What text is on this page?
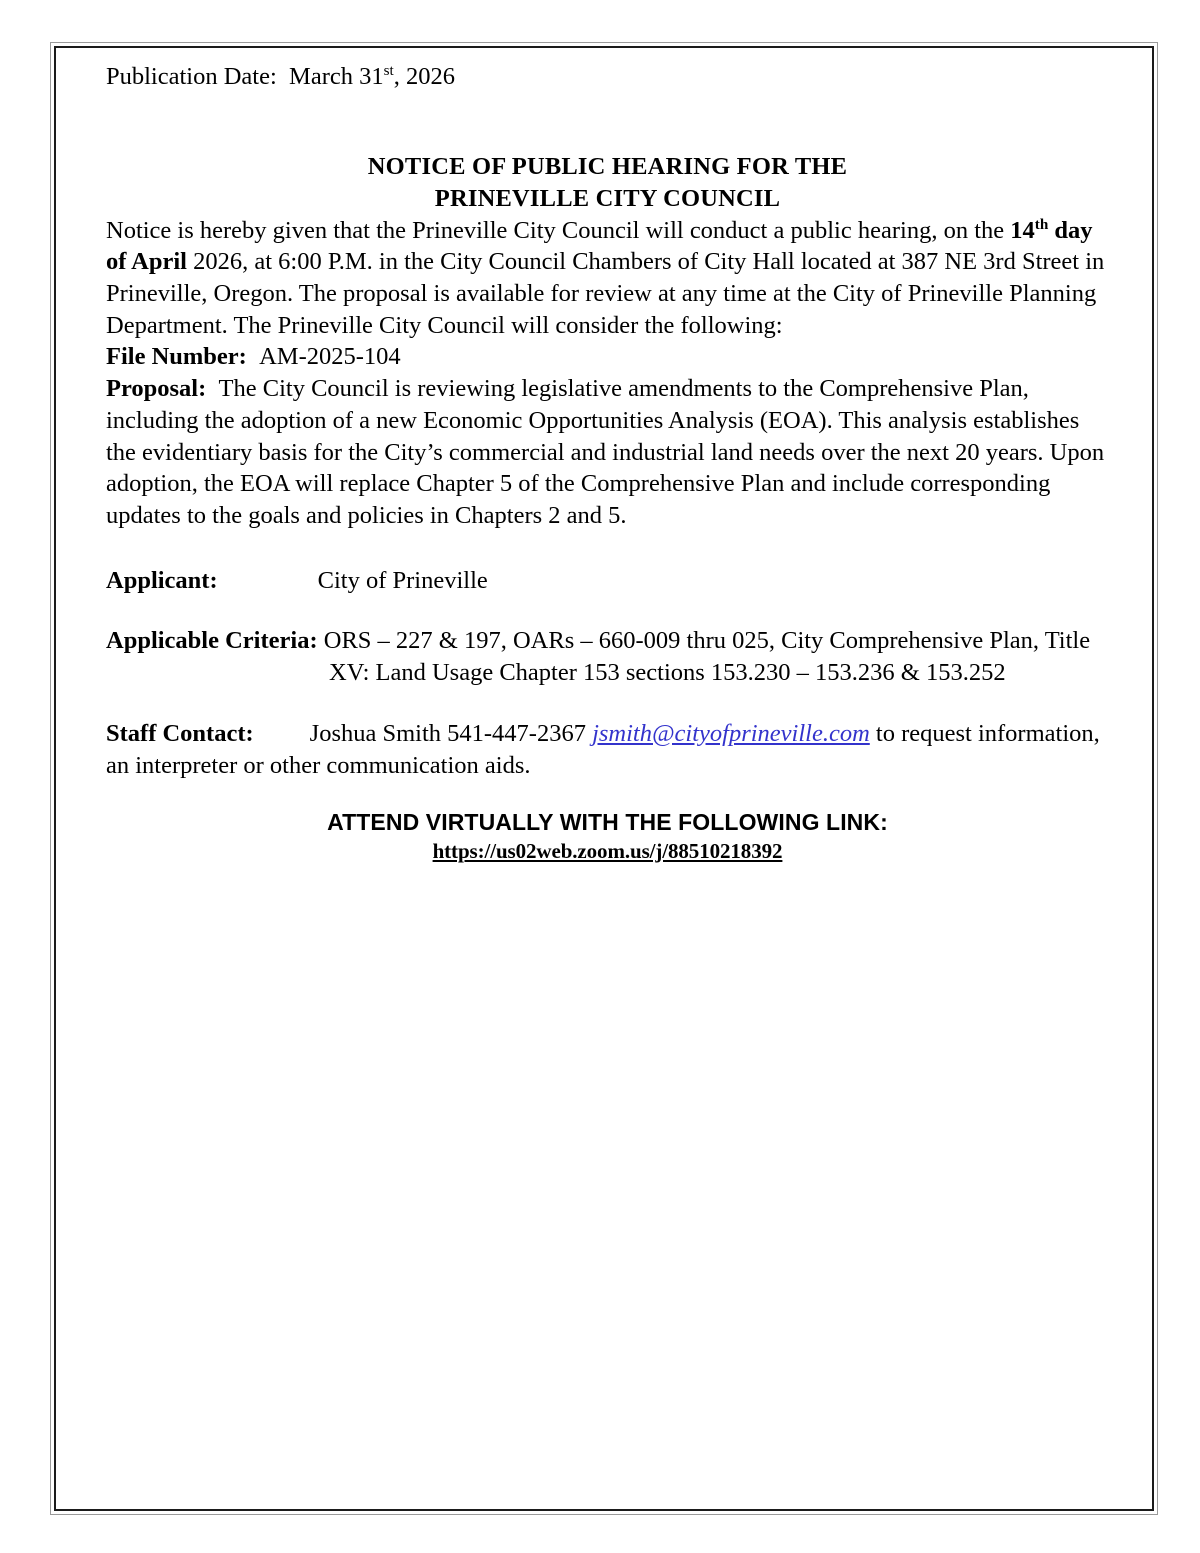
Publication Date: March 31st, 2026

NOTICE OF PUBLIC HEARING FOR THE
PRINEVILLE CITY COUNCIL

Notice is hereby given that the Prineville City Council will conduct a public hearing, on the 14th day of April 2026, at 6:00 P.M. in the City Council Chambers of City Hall located at 387 NE 3rd Street in Prineville, Oregon. The proposal is available for review at any time at the City of Prineville Planning Department. The Prineville City Council will consider the following:

File Number: AM-2025-104

Proposal: The City Council is reviewing legislative amendments to the Comprehensive Plan, including the adoption of a new Economic Opportunities Analysis (EOA). This analysis establishes the evidentiary basis for the City’s commercial and industrial land needs over the next 20 years. Upon adoption, the EOA will replace Chapter 5 of the Comprehensive Plan and include corresponding updates to the goals and policies in Chapters 2 and 5.

Applicant:	City of Prineville

Applicable Criteria: ORS – 227 & 197, OARs – 660-009 thru 025, City Comprehensive Plan, Title XV: Land Usage Chapter 153 sections 153.230 – 153.236 & 153.252

Staff Contact: Joshua Smith 541-447-2367 jsmith@cityofprineville.com to request information, an interpreter or other communication aids.

ATTEND VIRTUALLY WITH THE FOLLOWING LINK:
https://us02web.zoom.us/j/88510218392
